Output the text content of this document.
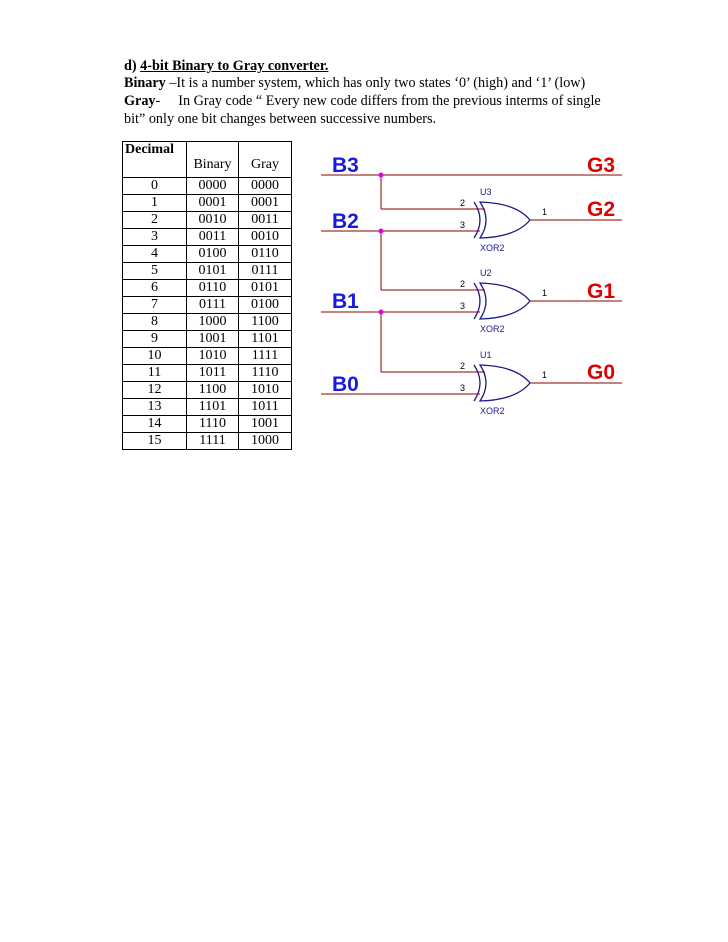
d) 4-bit Binary to Gray converter.
Binary –It is a number system, which has only two states ‘0’ (high) and ‘1’ (low)
Gray- In Gray code “ Every new code differs from the previous interms of single
bit” only one bit changes between successive numbers.
Decimal	Binary	Gray
0	0000	0000
1	0001	0001
2	0010	0011
3	0011	0010
4	0100	0110
5	0101	0111
6	0110	0101
7	0111	0100
8	1000	1100
9	1001	1101
10	1010	1111
11	1011	1110
12	1100	1010
13	1101	1011
14	1110	1001
15	1111	1000
2
3
1
U3
XOR2
2
3
1
U2
XOR2
2
3
1
U1
XOR2
B3
B2
B1
B0
G3
G2
G1
G0
